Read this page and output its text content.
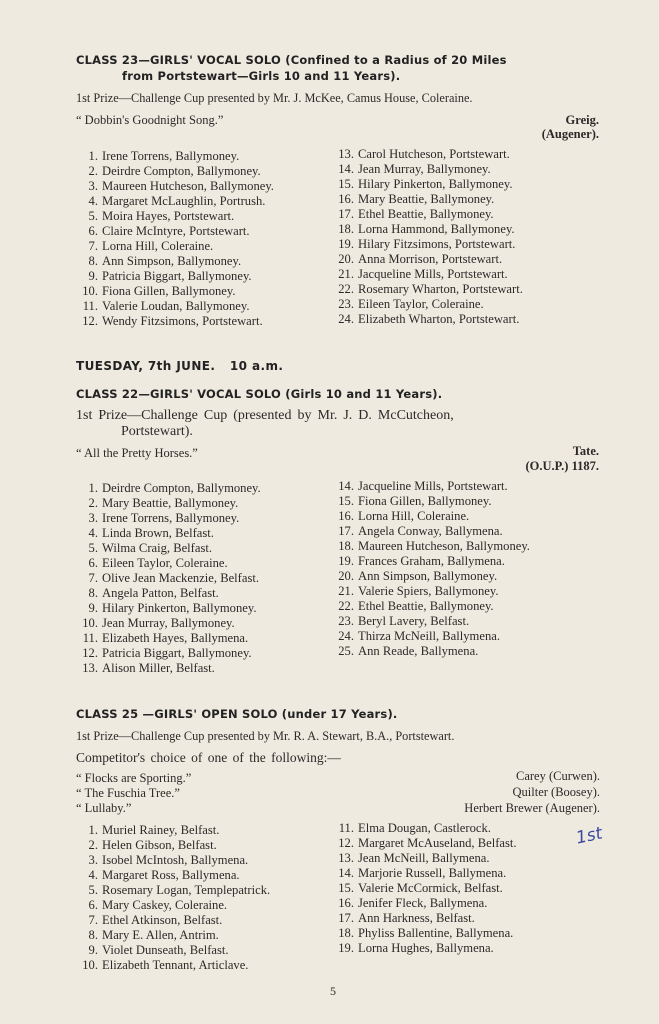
CLASS 23—GIRLS' VOCAL SOLO (Confined to a Radius of 20 Miles
from Portstewart—Girls 10 and 11 Years).
1st Prize—Challenge Cup presented by Mr. J. McKee, Camus House, Coleraine.
“ Dobbin's Goodnight Song.”	Greig.
(Augener).
1. Irene Torrens, Ballymoney.
2. Deirdre Compton, Ballymoney.
3. Maureen Hutcheson, Ballymoney.
4. Margaret McLaughlin, Portrush.
5. Moira Hayes, Portstewart.
6. Claire McIntyre, Portstewart.
7. Lorna Hill, Coleraine.
8. Ann Simpson, Ballymoney.
9. Patricia Biggart, Ballymoney.
10. Fiona Gillen, Ballymoney.
11. Valerie Loudan, Ballymoney.
12. Wendy Fitzsimons, Portstewart.
13. Carol Hutcheson, Portstewart.
14. Jean Murray, Ballymoney.
15. Hilary Pinkerton, Ballymoney.
16. Mary Beattie, Ballymoney.
17. Ethel Beattie, Ballymoney.
18. Lorna Hammond, Ballymoney.
19. Hilary Fitzsimons, Portstewart.
20. Anna Morrison, Portstewart.
21. Jacqueline Mills, Portstewart.
22. Rosemary Wharton, Portstewart.
23. Eileen Taylor, Coleraine.
24. Elizabeth Wharton, Portstewart.
TUESDAY, 7th JUNE. 10 a.m.
CLASS 22—GIRLS' VOCAL SOLO (Girls 10 and 11 Years).
1st Prize—Challenge Cup (presented by Mr. J. D. McCutcheon,
Portstewart).
“ All the Pretty Horses.”	Tate.
(O.U.P.) 1187.
1. Deirdre Compton, Ballymoney.
2. Mary Beattie, Ballymoney.
3. Irene Torrens, Ballymoney.
4. Linda Brown, Belfast.
5. Wilma Craig, Belfast.
6. Eileen Taylor, Coleraine.
7. Olive Jean Mackenzie, Belfast.
8. Angela Patton, Belfast.
9. Hilary Pinkerton, Ballymoney.
10. Jean Murray, Ballymoney.
11. Elizabeth Hayes, Ballymena.
12. Patricia Biggart, Ballymoney.
13. Alison Miller, Belfast.
14. Jacqueline Mills, Portstewart.
15. Fiona Gillen, Ballymoney.
16. Lorna Hill, Coleraine.
17. Angela Conway, Ballymena.
18. Maureen Hutcheson, Ballymoney.
19. Frances Graham, Ballymena.
20. Ann Simpson, Ballymoney.
21. Valerie Spiers, Ballymoney.
22. Ethel Beattie, Ballymoney.
23. Beryl Lavery, Belfast.
24. Thirza McNeill, Ballymena.
25. Ann Reade, Ballymena.
CLASS 25 —GIRLS' OPEN SOLO (under 17 Years).
1st Prize—Challenge Cup presented by Mr. R. A. Stewart, B.A., Portstewart.
Competitor's choice of one of the following:—
“ Flocks are Sporting.”	Carey (Curwen).
“ The Fuschia Tree.”	Quilter (Boosey).
“ Lullaby.”	Herbert Brewer (Augener).
1. Muriel Rainey, Belfast.
2. Helen Gibson, Belfast.
3. Isobel McIntosh, Ballymena.
4. Margaret Ross, Ballymena.
5. Rosemary Logan, Templepatrick.
6. Mary Caskey, Coleraine.
7. Ethel Atkinson, Belfast.
8. Mary E. Allen, Antrim.
9. Violet Dunseath, Belfast.
10. Elizabeth Tennant, Articlave.
11. Elma Dougan, Castlerock.
12. Margaret McAuseland, Belfast.
13. Jean McNeill, Ballymena.
14. Marjorie Russell, Ballymena.
15. Valerie McCormick, Belfast.
16. Jenifer Fleck, Ballymena.
17. Ann Harkness, Belfast.
18. Phyliss Ballentine, Ballymena.
19. Lorna Hughes, Ballymena.
1st
5
